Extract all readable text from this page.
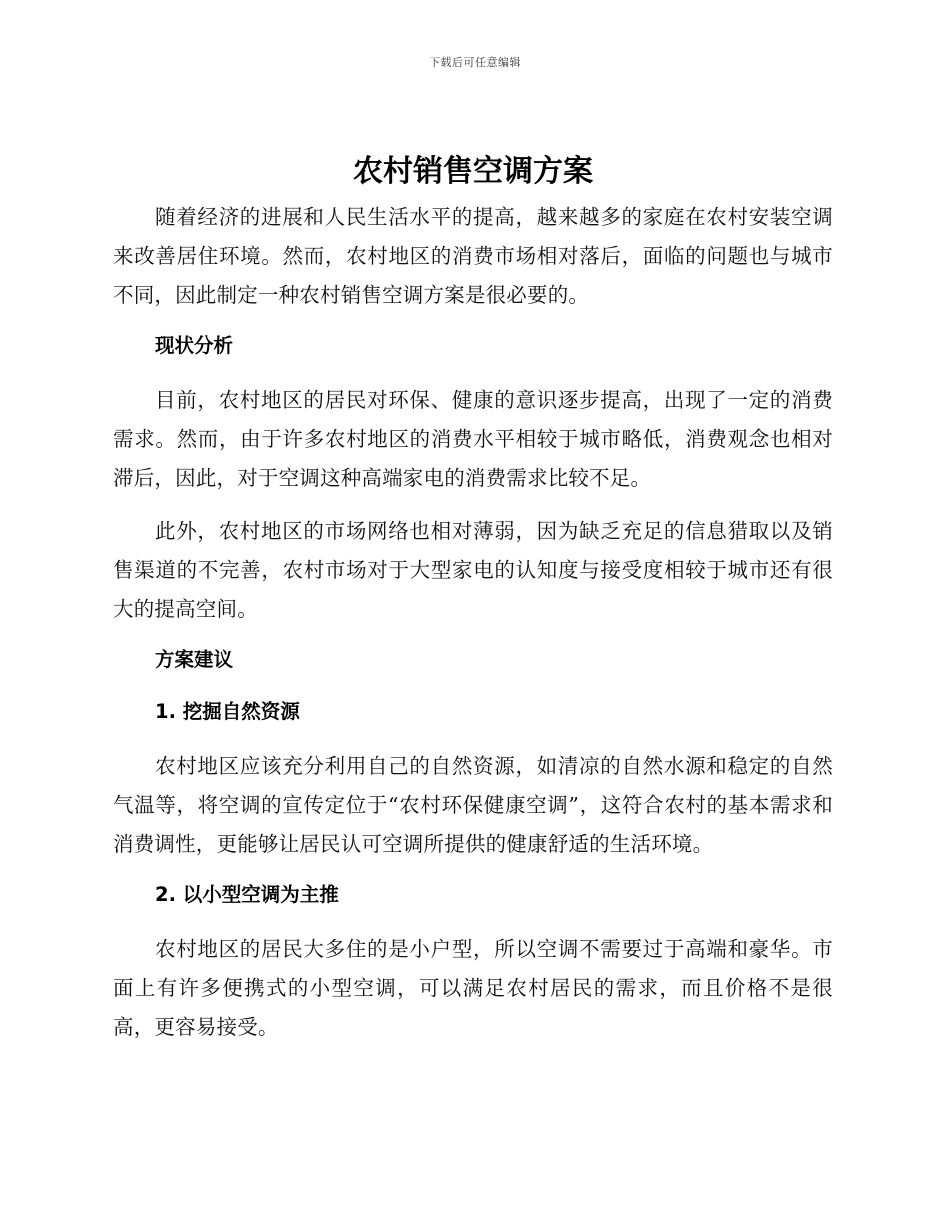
下载后可任意编辑
农村销售空调方案

随着经济的进展和人民生活水平的提高，越来越多的家庭在农村安装空调来改善居住环境。然而，农村地区的消费市场相对落后，面临的问题也与城市不同，因此制定一种农村销售空调方案是很必要的。

现状分析

目前，农村地区的居民对环保、健康的意识逐步提高，出现了一定的消费需求。然而，由于许多农村地区的消费水平相较于城市略低，消费观念也相对滞后，因此，对于空调这种高端家电的消费需求比较不足。

此外，农村地区的市场网络也相对薄弱，因为缺乏充足的信息猎取以及销售渠道的不完善，农村市场对于大型家电的认知度与接受度相较于城市还有很大的提高空间。

方案建议
1. 挖掘自然资源

农村地区应该充分利用自己的自然资源，如清凉的自然水源和稳定的自然气温等，将空调的宣传定位于“农村环保健康空调”，这符合农村的基本需求和消费调性，更能够让居民认可空调所提供的健康舒适的生活环境。

2. 以小型空调为主推

农村地区的居民大多住的是小户型，所以空调不需要过于高端和豪华。市面上有许多便携式的小型空调，可以满足农村居民的需求，而且价格不是很高，更容易接受。
